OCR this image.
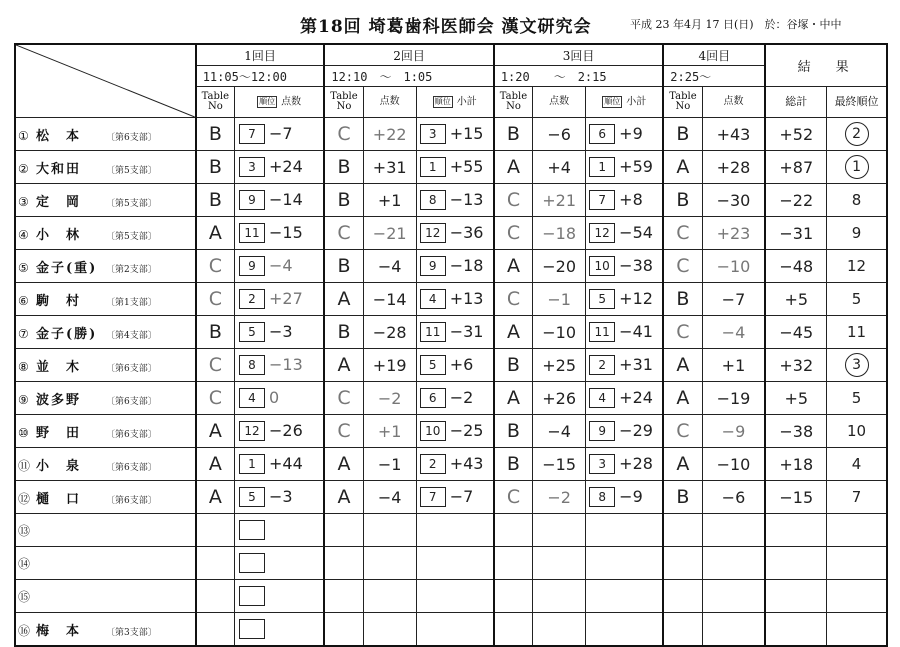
第18回 埼葛歯科医師会 漢文研究会	平成 23 年4月 17 日(日)　於：谷塚・中中
	1回目		2回目			3回目			4回目		結　果	
	11:05〜12:00		12:10　〜　1:05			1:20　　〜　2:15			2:25〜			
	Table No	順位 点数	Table No	点数	順位 小計	Table No	点数	順位 小計	Table No	点数	総計	最終順位
① 松　本 〔第6支部〕	B	7 −7	C	+22	3 +15	B	−6	6 +9	B	+43	+52	2
② 大和田 〔第5支部〕	B	3 +24	B	+31	1 +55	A	+4	1 +59	A	+28	+87	1
③ 定　岡 〔第5支部〕	B	9 −14	B	+1	8 −13	C	+21	7 +8	B	−30	−22	8
④ 小　林 〔第5支部〕	A	11 −15	C	−21	12 −36	C	−18	12 −54	C	+23	−31	9
⑤ 金子(重) 〔第2支部〕	C	9 −4	B	−4	9 −18	A	−20	10 −38	C	−10	−48	12
⑥ 駒　村 〔第1支部〕	C	2 +27	A	−14	4 +13	C	−1	5 +12	B	−7	+5	5
⑦ 金子(勝) 〔第4支部〕	B	5 −3	B	−28	11 −31	A	−10	11 −41	C	−4	−45	11
⑧ 並　木 〔第6支部〕	C	8 −13	A	+19	5 +6	B	+25	2 +31	A	+1	+32	3
⑨ 波多野 〔第6支部〕	C	4 0	C	−2	6 −2	A	+26	4 +24	A	−19	+5	5
⑩ 野　田 〔第6支部〕	A	12 −26	C	+1	10 −25	B	−4	9 −29	C	−9	−38	10
⑪ 小　泉 〔第6支部〕	A	1 +44	A	−1	2 +43	B	−15	3 +28	A	−10	+18	4
⑫ 樋　口 〔第6支部〕	A	5 −3	A	−4	7 −7	C	−2	8 −9	B	−6	−15	7
⑬												
⑭												
⑮												
⑯ 梅　本 〔第3支部〕												
